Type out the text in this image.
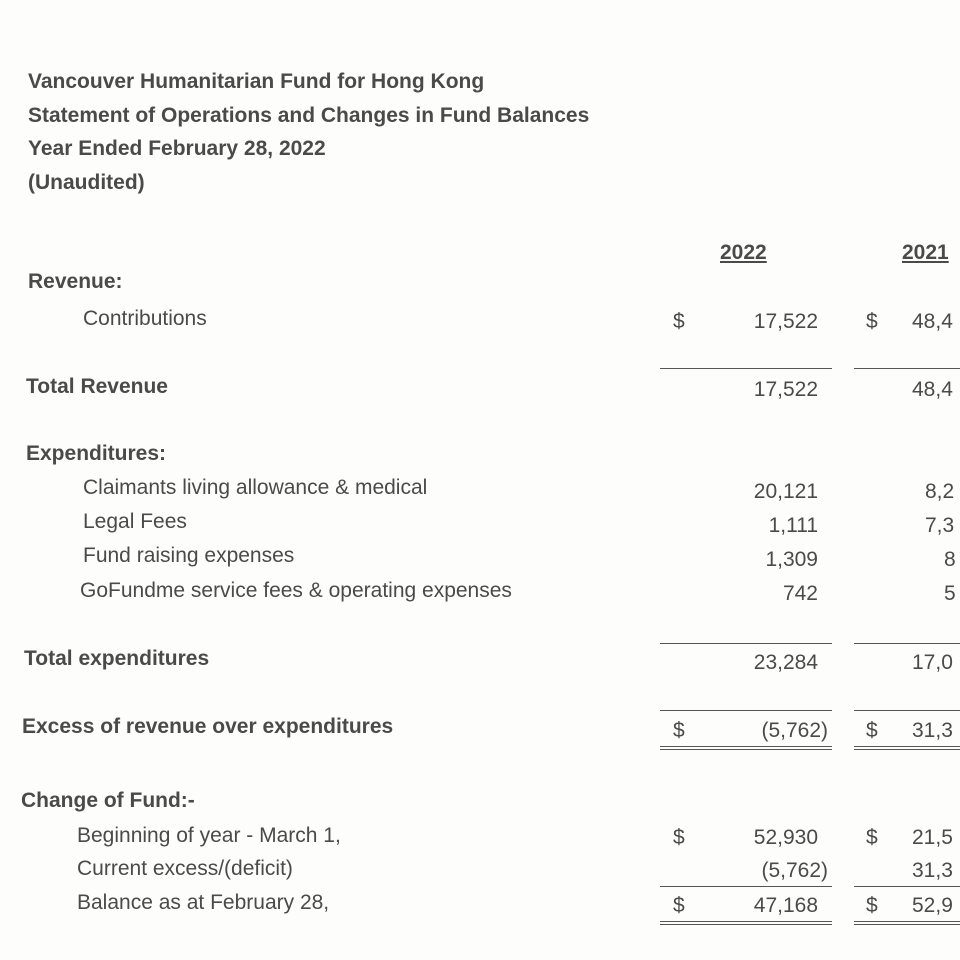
Vancouver Humanitarian Fund for Hong Kong
Statement of Operations and Changes in Fund Balances
Year Ended February 28, 2022
(Unaudited)
2022	2021
Revenue:
Contributions	$	17,522 $ 48,4
Total Revenue	17,522	48,4
Expenditures:
Claimants living allowance & medical	20,121	8,2
Legal Fees	1,111	7,3
Fund raising expenses	1,309	8
GoFundme service fees & operating expenses	742	5
Total expenditures	23,284	17,0
Excess of revenue over expenditures	$	(5,762) $ 31,3
Change of Fund:-
Beginning of year - March 1,	$	52,930 $ 21,5
Current excess/(deficit)	(5,762)	31,3
Balance as at February 28,	$	47,168 $ 52,9
